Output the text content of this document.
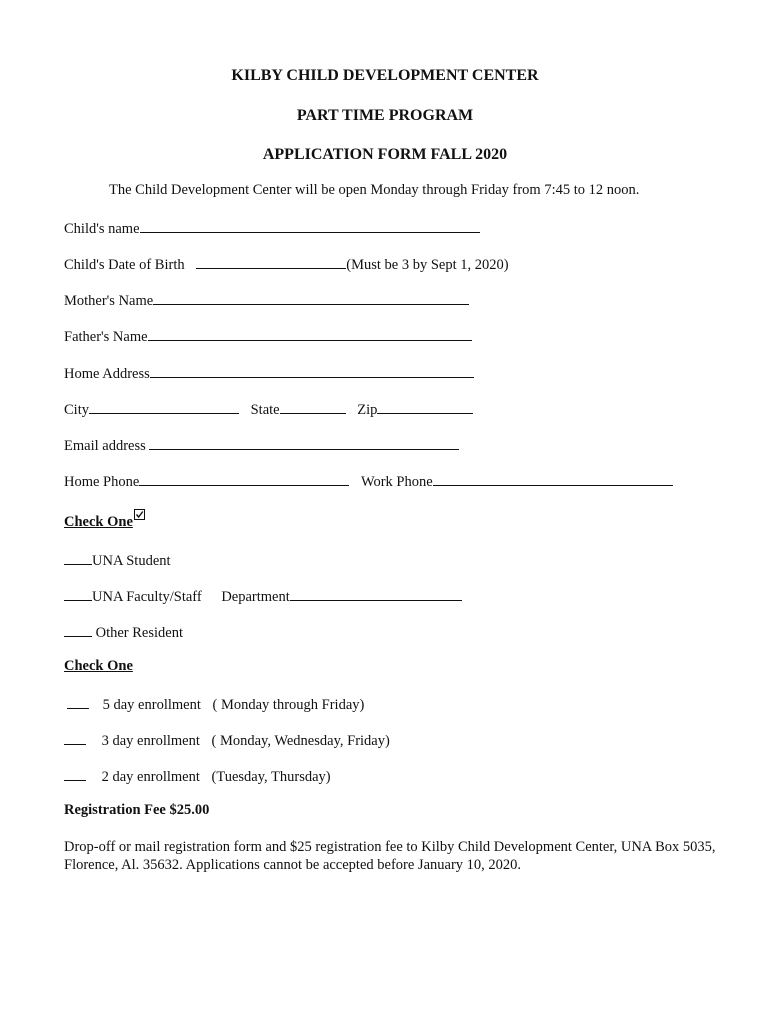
KILBY CHILD DEVELOPMENT CENTER
PART TIME PROGRAM
APPLICATION FORM FALL 2020
The Child Development Center will be open Monday through Friday from 7:45 to 12 noon.
Child's name
Child's Date of Birth	(Must be 3 by Sept 1, 2020)
Mother's Name
Father's Name
Home Address
City	State	Zip
Email address
Home Phone	Work Phone
Check One
UNA Student
UNA Faculty/Staff Department
Other Resident
Check One
5 day enrollment ( Monday through Friday)
3 day enrollment ( Monday, Wednesday, Friday)
2 day enrollment (Tuesday, Thursday)
Registration Fee $25.00
Drop-off or mail registration form and $25 registration fee to Kilby Child Development Center, UNA Box 5035, Florence, Al. 35632. Applications cannot be accepted before January 10, 2020.
